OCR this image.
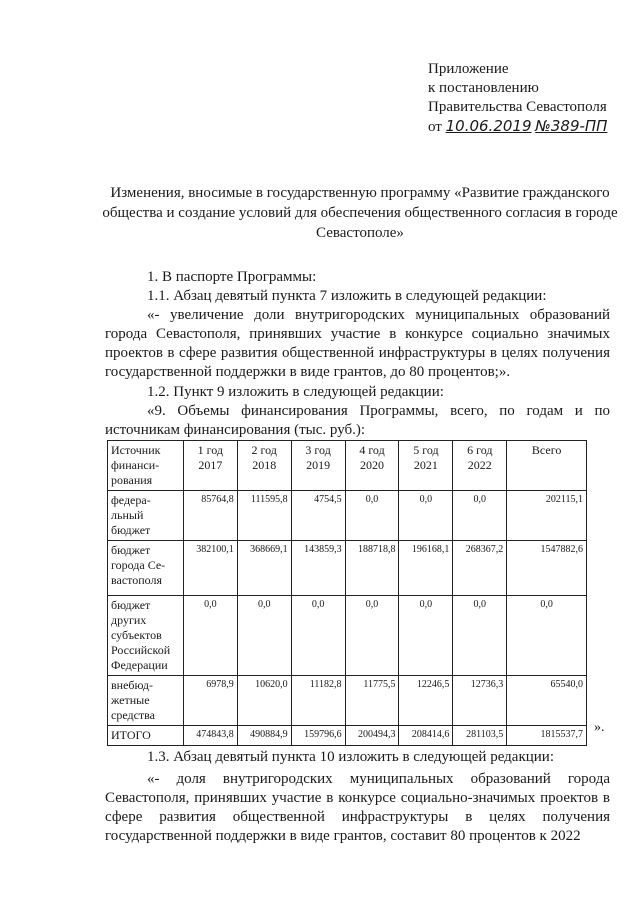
Приложение
к постановлению
Правительства Севастополя
от 10.06.2019 №389-ПП
Изменения, вносимые в государственную программу «Развитие гражданского общества и создание условий для обеспечения общественного согласия в городе Севастополе»
1. В паспорте Программы:
1.1. Абзац девятый пункта 7 изложить в следующей редакции:
«- увеличение доли внутригородских муниципальных образований города Севастополя, принявших участие в конкурсе социально значимых проектов в сфере развития общественной инфраструктуры в целях получения государственной поддержки в виде грантов, до 80 процентов;».
1.2. Пункт 9 изложить в следующей редакции:
«9. Объемы финансирования Программы, всего, по годам и по источникам финансирования (тыс. руб.):
Источник финанси-рования	1 год 2017	2 год 2018	3 год 2019	4 год 2020	5 год 2021	6 год 2022	Всего
федера-льный бюджет	85764,8	111595,8	4754,5	0,0	0,0	0,0	202115,1
бюджет города Се-вастополя	382100,1	368669,1	143859,3	188718,8	196168,1	268367,2	1547882,6
бюджет других субъектов Российской Федерации	0,0	0,0	0,0	0,0	0,0	0,0	0,0
внебюд-жетные средства	6978,9	10620,0	11182,8	11775,5	12246,5	12736,3	65540,0
ИТОГО	474843,8	490884,9	159796,6	200494,3	208414,6	281103,5	1815537,7 ».
1.3. Абзац девятый пункта 10 изложить в следующей редакции:
«- доля внутригородских муниципальных образований города Севастополя, принявших участие в конкурсе социально-значимых проектов в сфере развития общественной инфраструктуры в целях получения государственной поддержки в виде грантов, составит 80 процентов к 2022
